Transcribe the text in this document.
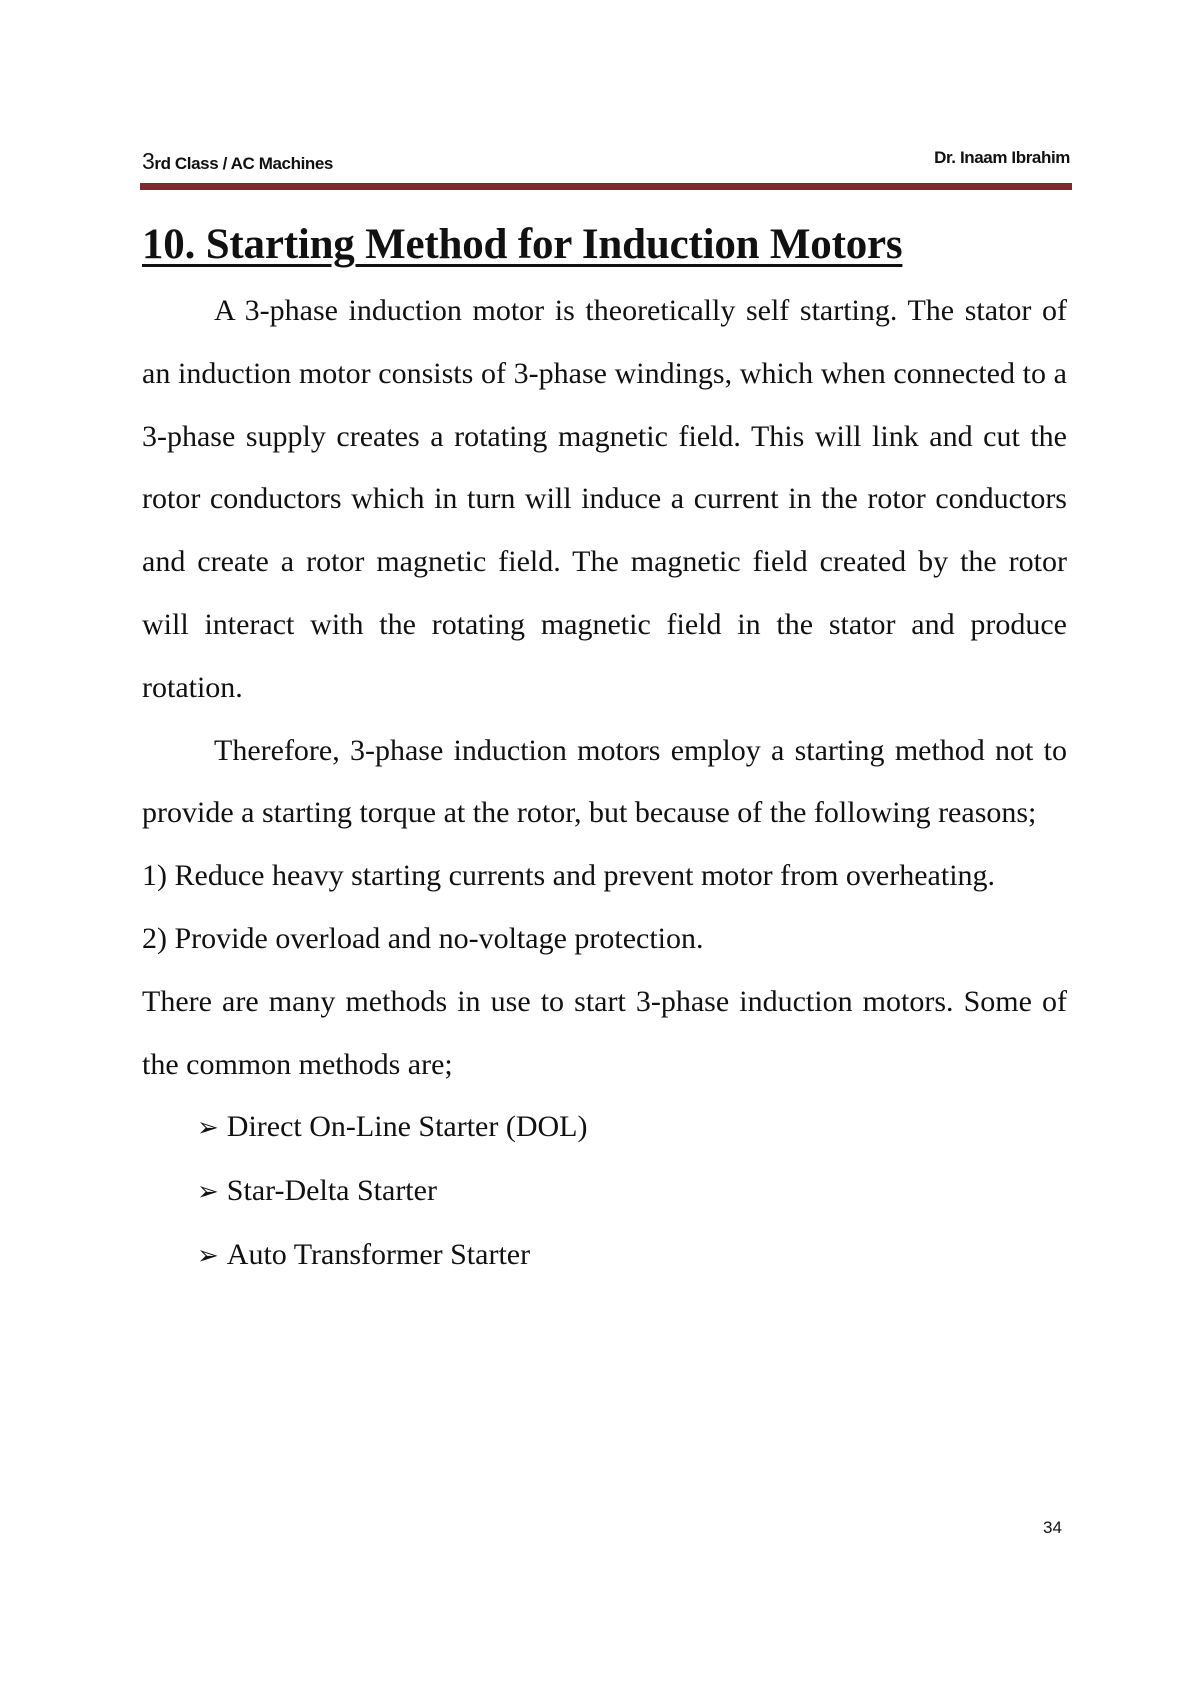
3rd Class / AC Machines	Dr. Inaam Ibrahim
10. Starting Method for Induction Motors

A 3-phase induction motor is theoretically self starting. The stator of an induction motor consists of 3-phase windings, which when connected to a 3-phase supply creates a rotating magnetic field. This will link and cut the rotor conductors which in turn will induce a current in the rotor conductors and create a rotor magnetic field. The magnetic field created by the rotor will interact with the rotating magnetic field in the stator and produce rotation.

Therefore, 3-phase induction motors employ a starting method not to provide a starting torque at the rotor, but because of the following reasons;

1) Reduce heavy starting currents and prevent motor from overheating.

2) Provide overload and no-voltage protection.

There are many methods in use to start 3-phase induction motors. Some of the common methods are;

➢ Direct On-Line Starter (DOL)
➢ Star-Delta Starter
➢ Auto Transformer Starter
34
